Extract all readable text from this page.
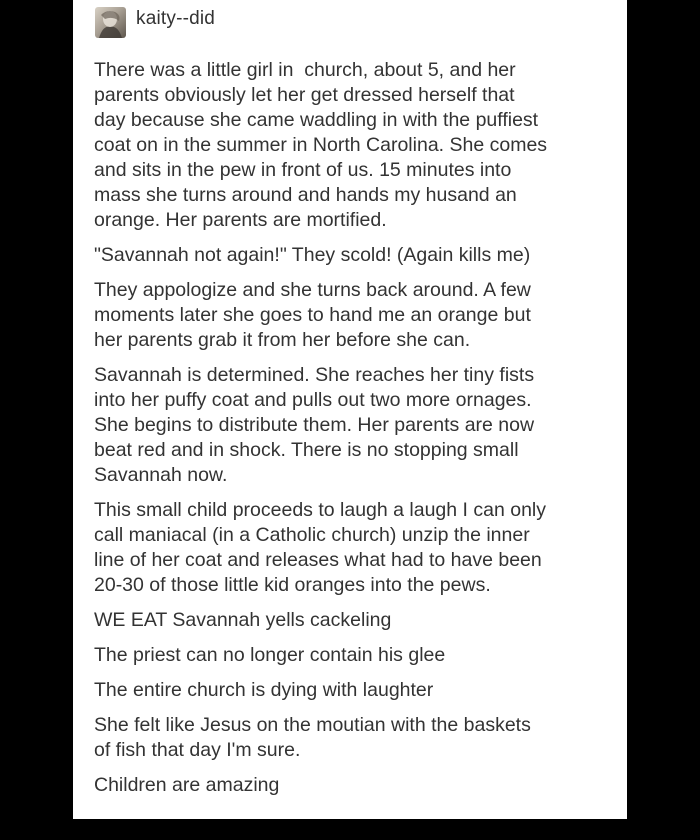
kaity--did

There was a little girl in  church, about 5, and her
parents obviously let her get dressed herself that
day because she came waddling in with the puffiest
coat on in the summer in North Carolina. She comes
and sits in the pew in front of us. 15 minutes into
mass she turns around and hands my husand an
orange. Her parents are mortified.

"Savannah not again!" They scold! (Again kills me)

They appologize and she turns back around. A few
moments later she goes to hand me an orange but
her parents grab it from her before she can.

Savannah is determined. She reaches her tiny fists
into her puffy coat and pulls out two more ornages.
She begins to distribute them. Her parents are now
beat red and in shock. There is no stopping small
Savannah now.

This small child proceeds to laugh a laugh I can only
call maniacal (in a Catholic church) unzip the inner
line of her coat and releases what had to have been
20-30 of those little kid oranges into the pews.

WE EAT Savannah yells cackeling

The priest can no longer contain his glee

The entire church is dying with laughter

She felt like Jesus on the moutian with the baskets
of fish that day I'm sure.

Children are amazing
